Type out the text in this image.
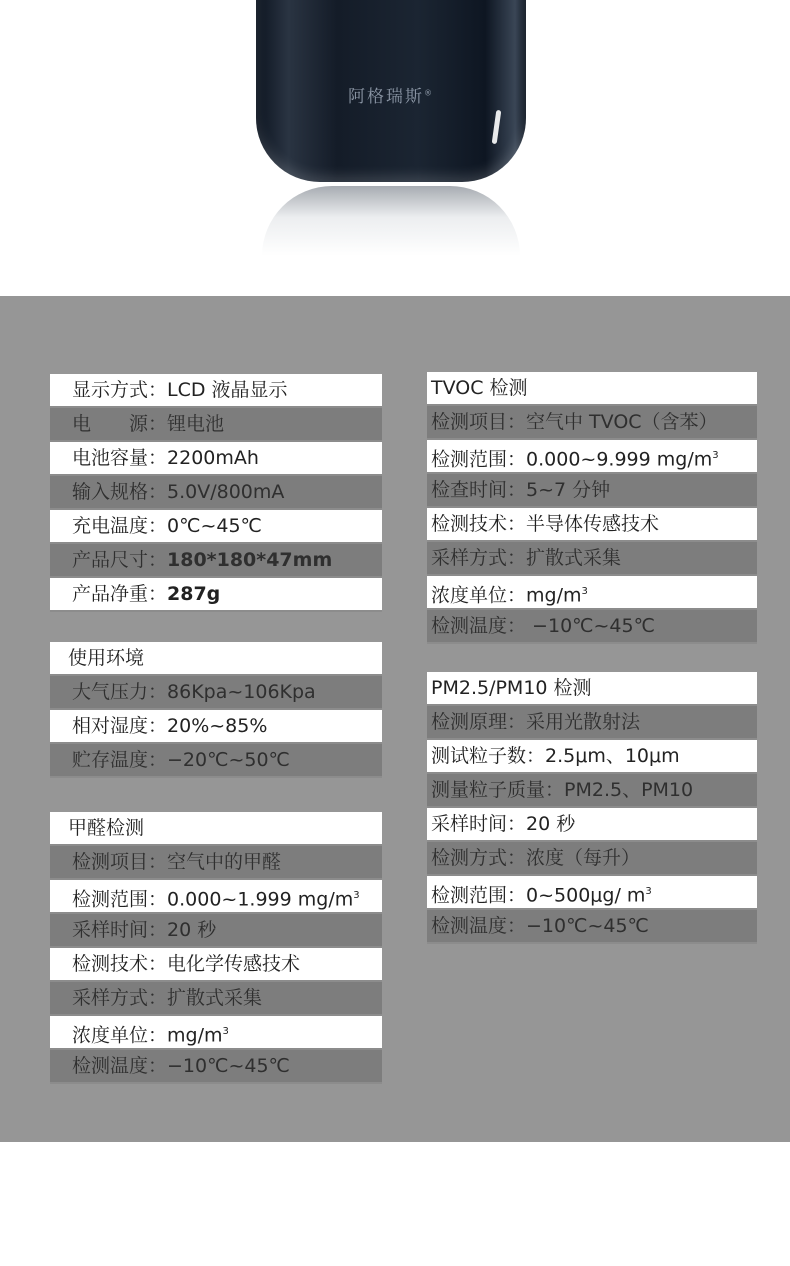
阿格瑞斯®
显示方式：LCD 液晶显示
电　　源：锂电池
电池容量：2200mAh
输入规格：5.0V/800mA
充电温度：0℃~45℃
产品尺寸：180*180*47mm
产品净重：287g
使用环境
大气压力：86Kpa~106Kpa
相对湿度：20%~85%
贮存温度：−20℃~50℃
甲醛检测
检测项目：空气中的甲醛
检测范围：0.000~1.999 $mg/m^3$
采样时间：20 秒
检测技术：电化学传感技术
采样方式：扩散式采集
浓度单位：$mg/m^3$
检测温度：−10℃~45℃
TVOC 检测
检测项目：空气中 TVOC（含苯）
检测范围：0.000~9.999 $mg/m^3$
检查时间：5~7 分钟
检测技术：半导体传感技术
采样方式：扩散式采集
浓度单位：$mg/m^3$
检测温度： −10℃~45℃
PM2.5/PM10 检测
检测原理：采用光散射法
测试粒子数：2.5μm、10μm
测量粒子质量：PM2.5、PM10
采样时间：20 秒
检测方式：浓度（每升）
检测范围：0~500μg/ $m^3$
检测温度：−10℃~45℃
